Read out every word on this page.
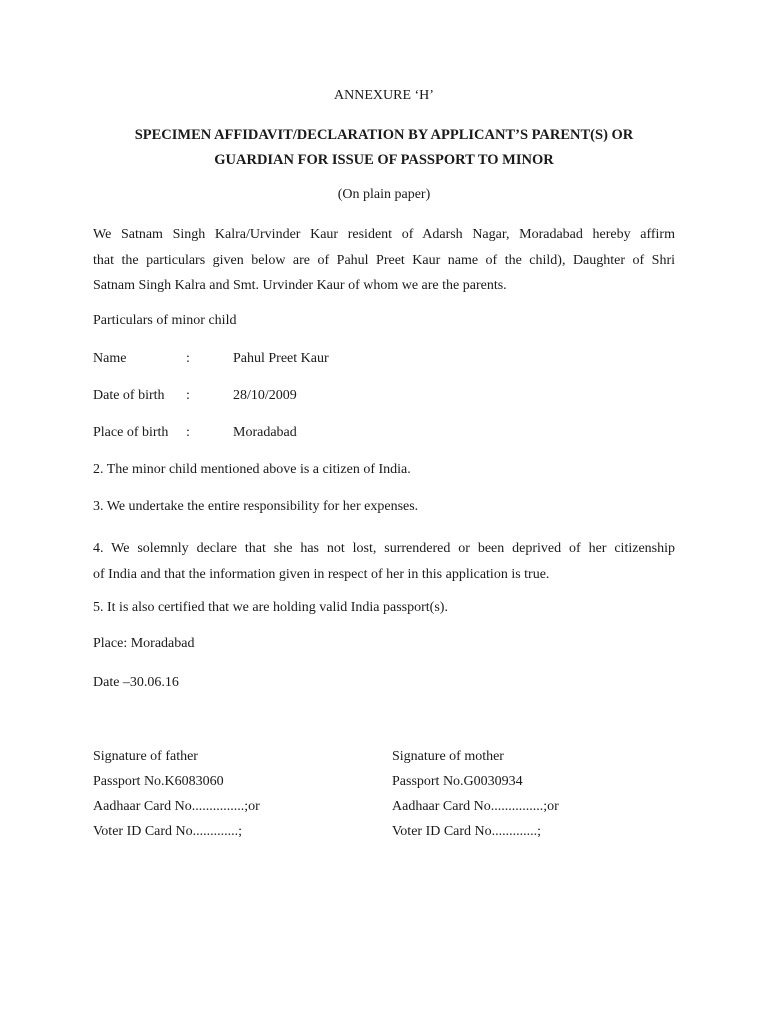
ANNEXURE ‘H’
SPECIMEN AFFIDAVIT/DECLARATION BY APPLICANT’S PARENT(S) OR
GUARDIAN FOR ISSUE OF PASSPORT TO MINOR
(On plain paper)
We Satnam Singh Kalra/Urvinder Kaur resident of Adarsh Nagar, Moradabad hereby affirm
that the particulars given below are of Pahul Preet Kaur name of the child), Daughter of Shri
Satnam Singh Kalra and Smt. Urvinder Kaur of whom we are the parents.
Particulars of minor child
Name	:	Pahul Preet Kaur
Date of birth :	28/10/2009
Place of birth :	Moradabad
2. The minor child mentioned above is a citizen of India.
3. We undertake the entire responsibility for her expenses.
4. We solemnly declare that she has not lost, surrendered or been deprived of her citizenship
of India and that the information given in respect of her in this application is true.
5. It is also certified that we are holding valid India passport(s).
Place: Moradabad
Date –30.06.16
Signature of father
Passport No.K6083060
Aadhaar Card No...............;or
Voter ID Card No.............;
Signature of mother
Passport No.G0030934
Aadhaar Card No...............;or
Voter ID Card No.............;
